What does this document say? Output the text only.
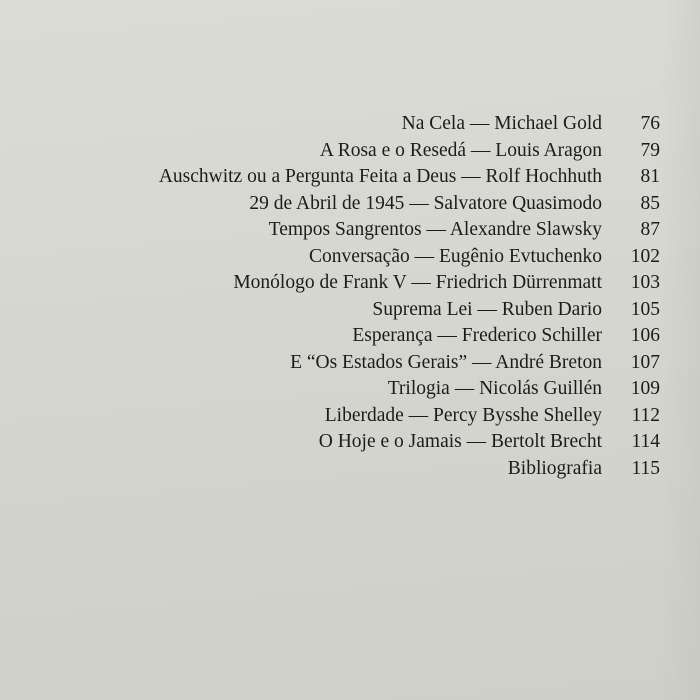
Na Cela — Michael Gold	76
A Rosa e o Resedá — Louis Aragon	79
Auschwitz ou a Pergunta Feita a Deus — Rolf Hochhuth	81
29 de Abril de 1945 — Salvatore Quasimodo	85
Tempos Sangrentos — Alexandre Slawsky	87
Conversação — Eugênio Evtuchenko	102
Monólogo de Frank V — Friedrich Dürrenmatt	103
Suprema Lei — Ruben Dario	105
Esperança — Frederico Schiller	106
E “Os Estados Gerais” — André Breton	107
Trilogia — Nicolás Guillén	109
Liberdade — Percy Bysshe Shelley	112
O Hoje e o Jamais — Bertolt Brecht	114
Bibliografia	115
